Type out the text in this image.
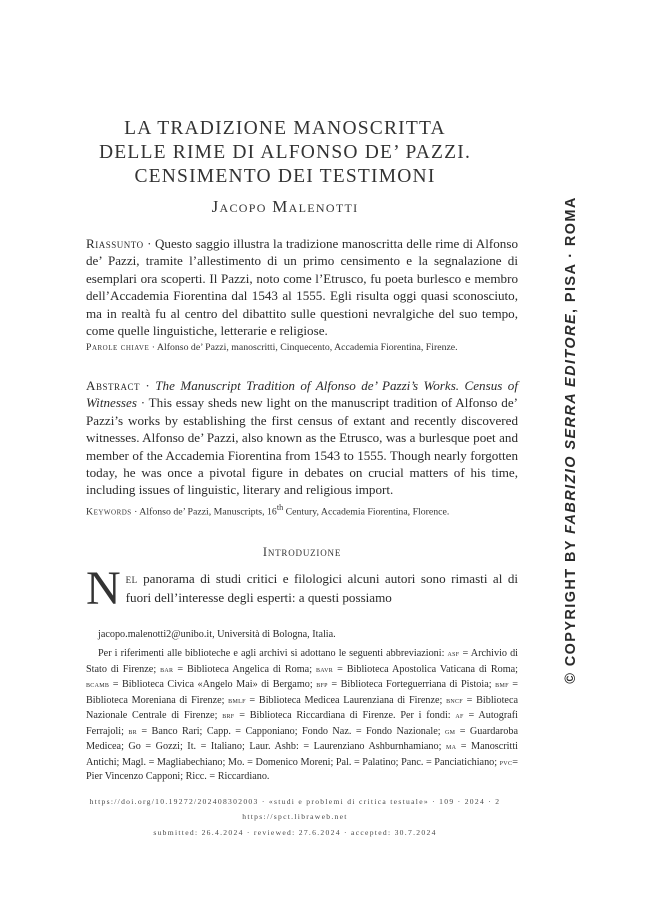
LA TRADIZIONE MANOSCRITTA
DELLE RIME DI ALFONSO DE’ PAZZI.
CENSIMENTO DEI TESTIMONI
Jacopo Malenotti
Riassunto · Questo saggio illustra la tradizione manoscritta delle rime di Alfonso de’ Pazzi, tramite l’allestimento di un primo censimento e la segnalazione di esemplari ora scoperti. Il Pazzi, noto come l’Etrusco, fu poeta burlesco e membro dell’Accademia Fiorentina dal 1543 al 1555. Egli risulta oggi quasi sconosciuto, ma in realtà fu al centro del dibattito sulle questioni nevralgiche del suo tempo, come quelle linguistiche, letterarie e religiose.
Parole chiave · Alfonso de’ Pazzi, manoscritti, Cinquecento, Accademia Fiorentina, Firenze.
Abstract · The Manuscript Tradition of Alfonso de’ Pazzi’s Works. Census of Witnesses · This essay sheds new light on the manuscript tradition of Alfonso de’ Pazzi’s works by establishing the first census of extant and recently discovered witnesses. Alfonso de’ Pazzi, also known as the Etrusco, was a burlesque poet and member of the Accademia Fiorentina from 1543 to 1555. Though nearly forgotten today, he was once a pivotal figure in debates on crucial matters of his time, including issues of linguistic, literary and religious import.
Keywords · Alfonso de’ Pazzi, Manuscripts, 16th Century, Accademia Fiorentina, Florence.
Introduzione
N el panorama di studi critici e filologici alcuni autori sono rimasti al di fuori dell’interesse degli esperti: a questi possiamo
jacopo.malenotti2@unibo.it, Università di Bologna, Italia.
Per i riferimenti alle biblioteche e agli archivi si adottano le seguenti abbreviazioni: asf = Archivio di Stato di Firenze; bar = Biblioteca Angelica di Roma; bavr = Biblioteca Apostolica Vaticana di Roma; bcamb = Biblioteca Civica «Angelo Mai» di Bergamo; bfp = Biblioteca Forteguerriana di Pistoia; bmf = Biblioteca Moreniana di Firenze; bmlf = Biblioteca Medicea Laurenziana di Firenze; bncf = Biblioteca Nazionale Centrale di Firenze; brf = Biblioteca Riccardiana di Firenze. Per i fondi: af = Autografi Ferrajoli; br = Banco Rari; Capp. = Capponiano; Fondo Naz. = Fondo Nazionale; gm = Guardaroba Medicea; Go = Gozzi; It. = Italiano; Laur. Ashb: = Laurenziano Ashburnhamiano; ma = Manoscritti Antichi; Magl. = Magliabechiano; Mo. = Domenico Moreni; Pal. = Palatino; Panc. = Panciatichiano; pvc= Pier Vincenzo Capponi; Ricc. = Riccardiano.
https://doi.org/10.19272/202408302003 · «studi e problemi di critica testuale» · 109 · 2024 · 2
https://spct.libraweb.net
submitted: 26.4.2024 · reviewed: 27.6.2024 · accepted: 30.7.2024
© COPYRIGHT BY FABRIZIO SERRA EDITORE, PISA · ROMA
